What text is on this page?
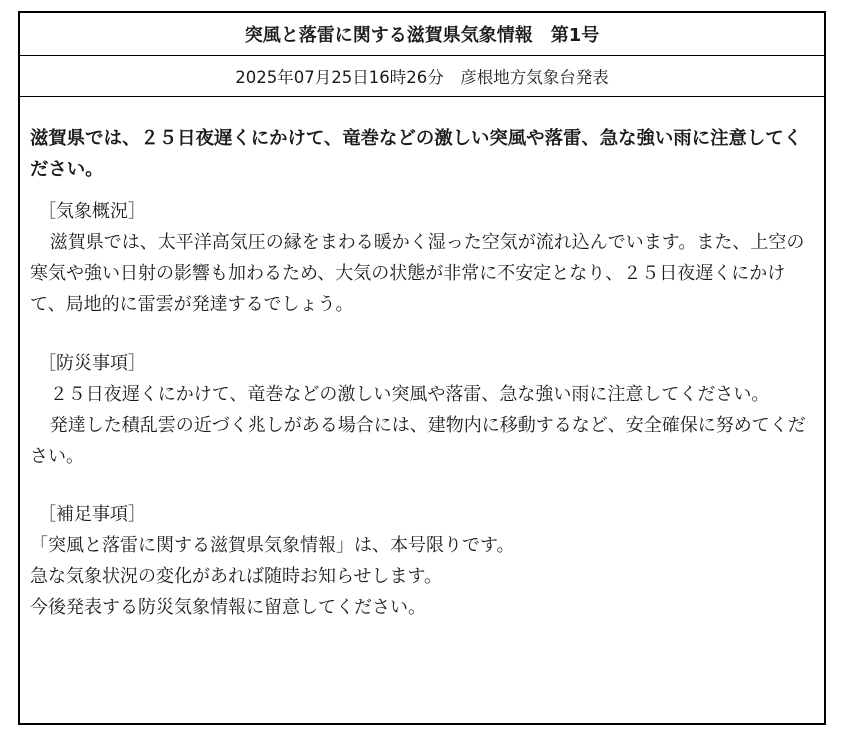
突風と落雷に関する滋賀県気象情報　第1号
2025年07月25日16時26分　彦根地方気象台発表
滋賀県では、２５日夜遅くにかけて、竜巻などの激しい突風や落雷、急な強い雨に注意してください。
［気象概況］

滋賀県では、太平洋高気圧の縁をまわる暖かく湿った空気が流れ込んでいます。また、上空の寒気や強い日射の影響も加わるため、大気の状態が非常に不安定となり、２５日夜遅くにかけて、局地的に雷雲が発達するでしょう。

［防災事項］

２５日夜遅くにかけて、竜巻などの激しい突風や落雷、急な強い雨に注意してください。

発達した積乱雲の近づく兆しがある場合には、建物内に移動するなど、安全確保に努めてください。

［補足事項］

「突風と落雷に関する滋賀県気象情報」は、本号限りです。

急な気象状況の変化があれば随時お知らせします。

今後発表する防災気象情報に留意してください。
